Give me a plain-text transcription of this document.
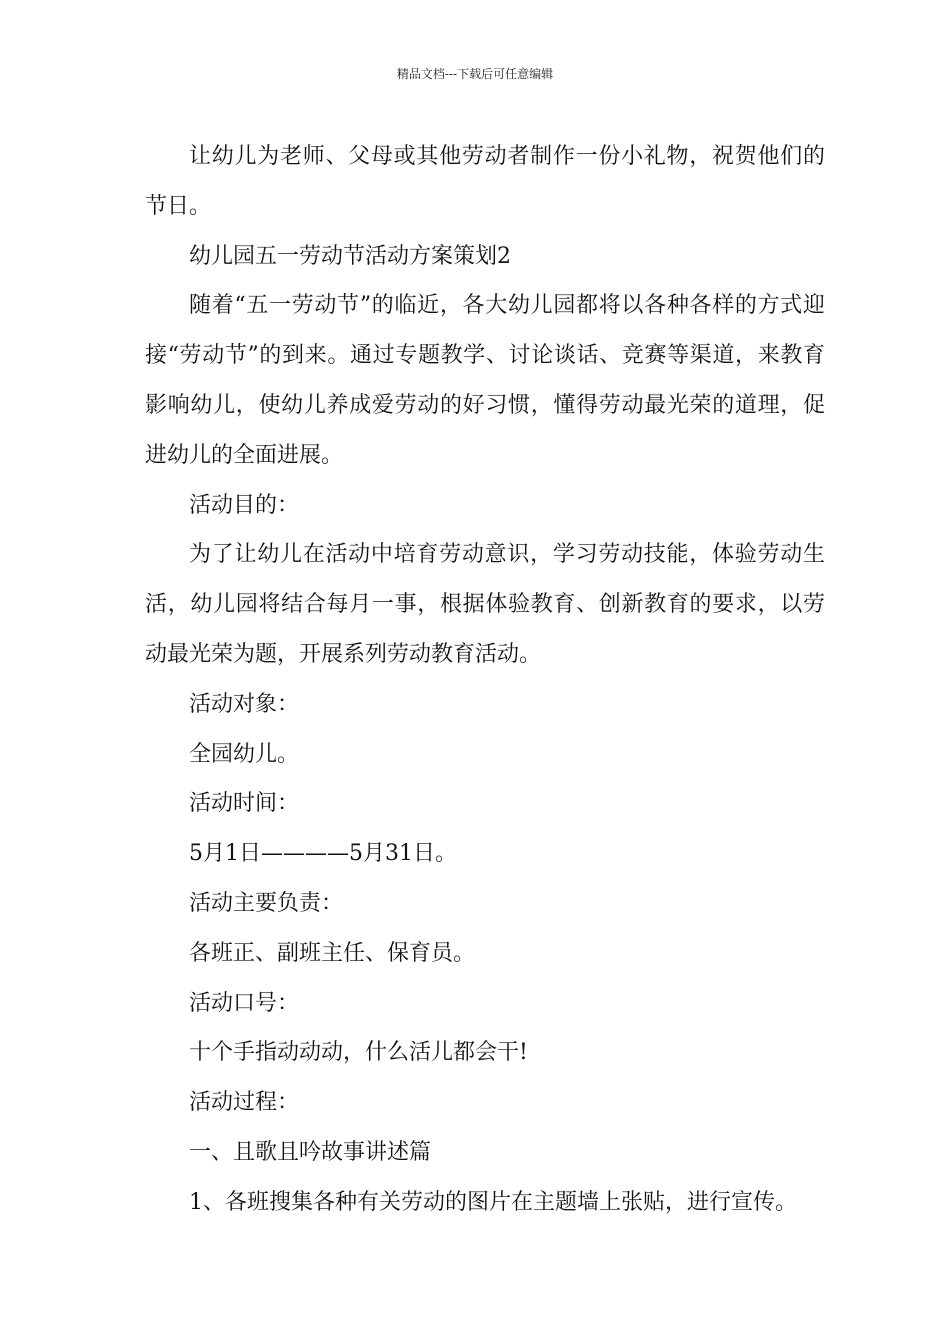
精品文档---下载后可任意编辑

让幼儿为老师、父母或其他劳动者制作一份小礼物，祝贺他们的节日。

幼儿园五一劳动节活动方案策划2

随着“五一劳动节”的临近，各大幼儿园都将以各种各样的方式迎接“劳动节”的到来。通过专题教学、讨论谈话、竞赛等渠道，来教育影响幼儿，使幼儿养成爱劳动的好习惯，懂得劳动最光荣的道理，促进幼儿的全面进展。

活动目的：

为了让幼儿在活动中培育劳动意识，学习劳动技能，体验劳动生活，幼儿园将结合每月一事，根据体验教育、创新教育的要求，以劳动最光荣为题，开展系列劳动教育活动。

活动对象：

全园幼儿。

活动时间：

5月1日————5月31日。

活动主要负责：

各班正、副班主任、保育员。

活动口号：

十个手指动动动，什么活儿都会干!

活动过程：

一、且歌且吟故事讲述篇

1、各班搜集各种有关劳动的图片在主题墙上张贴，进行宣传。
